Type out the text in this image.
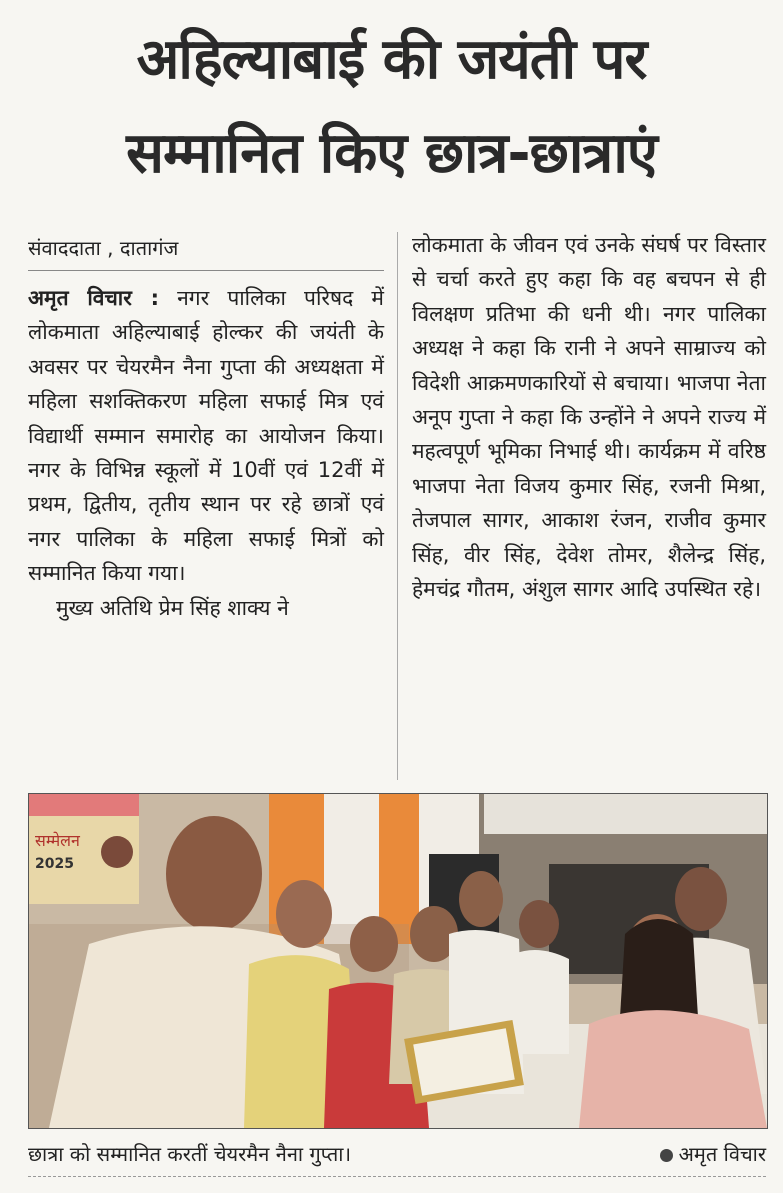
अहिल्याबाई की जयंती पर
सम्मानित किए छात्र-छात्राएं
संवाददाता , दातागंज

अमृत विचार : नगर पालिका परिषद में लोकमाता अहिल्याबाई होल्कर की जयंती के अवसर पर चेयरमैन नैना गुप्ता की अध्यक्षता में महिला सशक्तिकरण महिला सफाई मित्र एवं विद्यार्थी सम्मान समारोह का आयोजन किया। नगर के विभिन्न स्कूलों में 10वीं एवं 12वीं में प्रथम, द्वितीय, तृतीय स्थान पर रहे छात्रों एवं नगर पालिका के महिला सफाई मित्रों को सम्मानित किया गया।

मुख्य अतिथि प्रेम सिंह शाक्य ने

लोकमाता के जीवन एवं उनके संघर्ष पर विस्तार से चर्चा करते हुए कहा कि वह बचपन से ही विलक्षण प्रतिभा की धनी थी। नगर पालिका अध्यक्ष ने कहा कि रानी ने अपने साम्राज्य को विदेशी आक्रमणकारियों से बचाया। भाजपा नेता अनूप गुप्ता ने कहा कि उन्होंने ने अपने राज्य में महत्वपूर्ण भूमिका निभाई थी। कार्यक्रम में वरिष्ठ भाजपा नेता विजय कुमार सिंह, रजनी मिश्रा, तेजपाल सागर, आकाश रंजन, राजीव कुमार सिंह, वीर सिंह, देवेश तोमर, शैलेन्द्र सिंह, हेमचंद्र गौतम, अंशुल सागर आदि उपस्थित रहे।

सम्मेलन
2025
छात्रा को सम्मानित करतीं चेयरमैन नैना गुप्ता।	अमृत विचार
